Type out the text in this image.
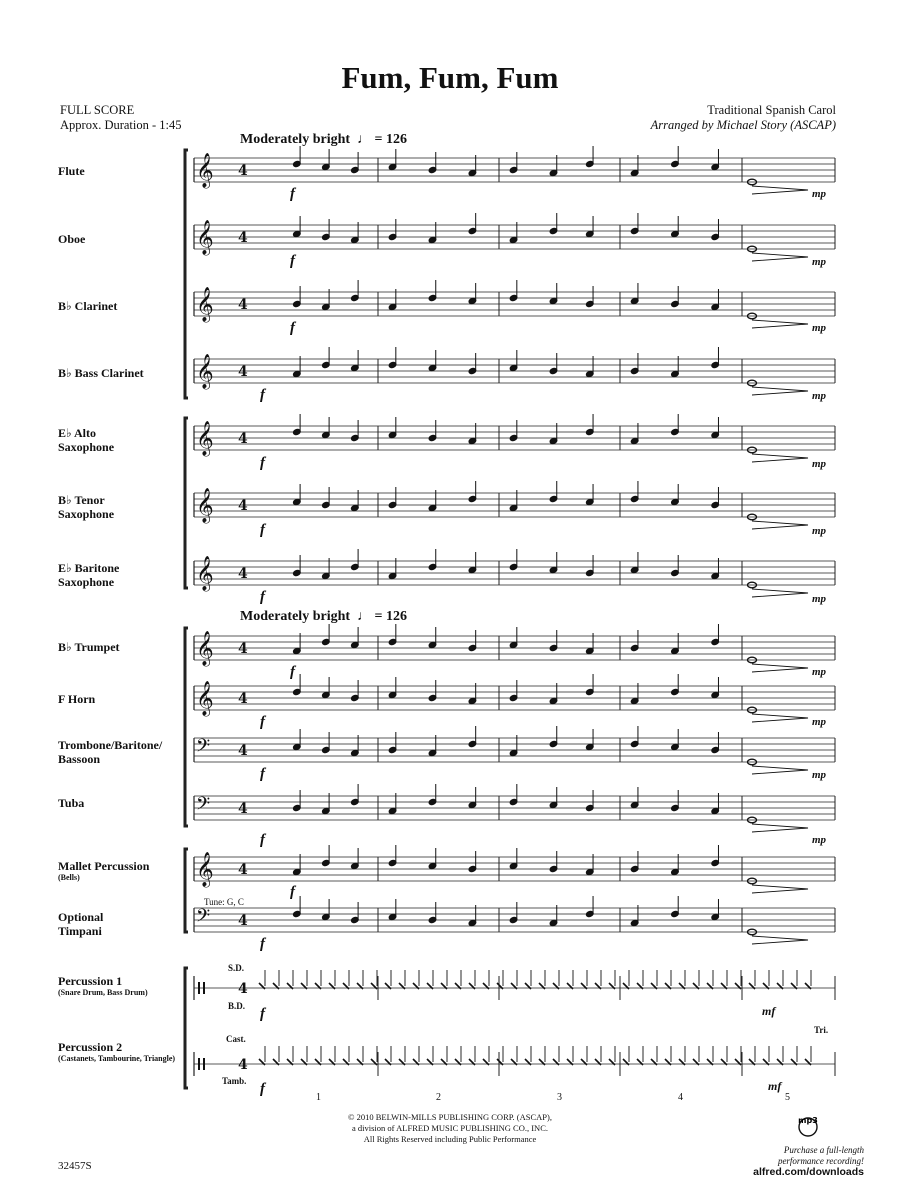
Fum, Fum, Fum
FULL SCORE
Approx. Duration - 1:45
Traditional Spanish Carol
Arranged by Michael Story (ASCAP)
Moderately bright ♩ = 126
Moderately bright ♩ = 126
Flute
Oboe
B♭ Clarinet
B♭ Bass Clarinet
E♭ Alto Saxophone
B♭ Tenor Saxophone
E♭ Baritone Saxophone
B♭ Trumpet
F Horn
Trombone/Baritone/ Bassoon
Tuba
Mallet Percussion
(Bells)
Optional Timpani
Percussion 1
(Snare Drum, Bass Drum)
Percussion 2
(Castanets, Tambourine, Triangle)
Tune: G, C
S.D.
B.D.
Cast.
Tamb.
Tri.
f
f
f
f
f
f
f
f
f
f
f
f
f
f
f
mp
mp
mp
mp
mp
mp
mp
mp
mp
mp
mp
mf
mf
1	2	3	4	5
𝄞 4
𝄞 4
𝄞 4
𝄞 4
𝄞 4
𝄞 4
𝄞 4
𝄞 4
𝄞 4
𝄢 4
𝄢 4
𝄞 4
𝄢 4
4
4
© 2010 BELWIN-MILLS PUBLISHING CORP. (ASCAP),
a division of ALFRED MUSIC PUBLISHING CO., INC.
All Rights Reserved including Public Performance
32457S
mp3
Purchase a full-length
performance recording!
alfred.com/downloads
